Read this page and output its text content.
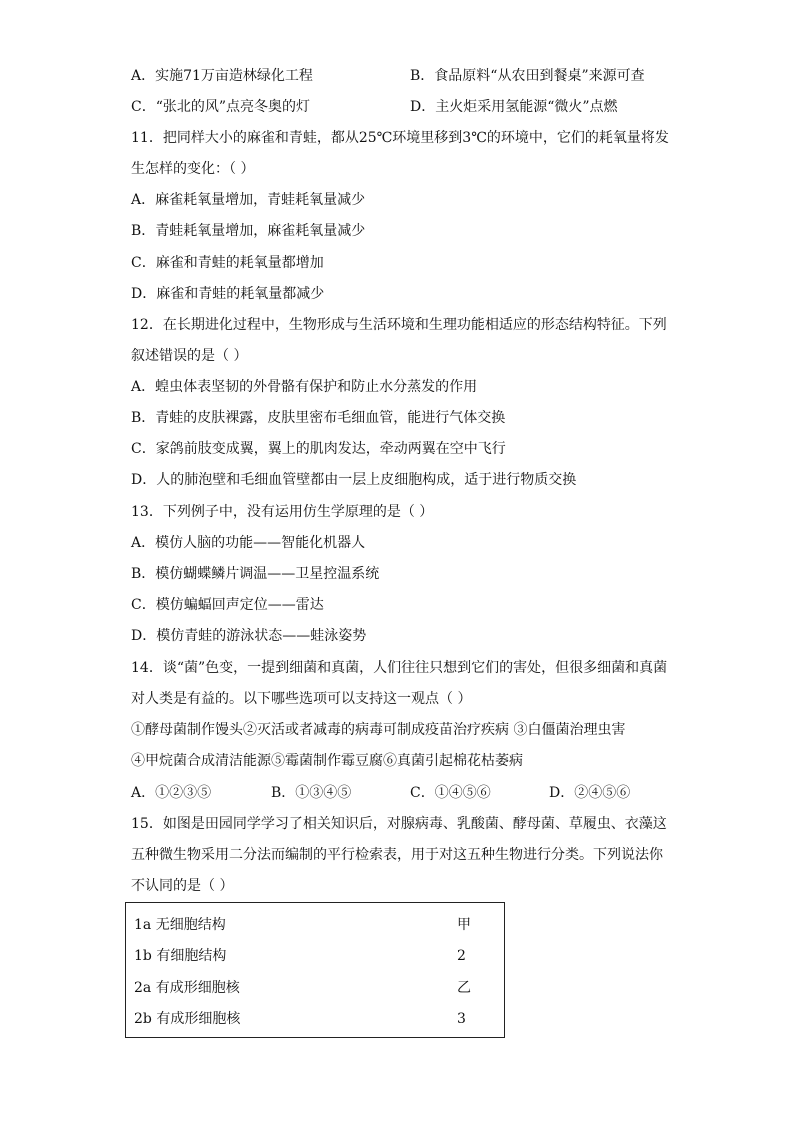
A．实施71万亩造林绿化工程	B．食品原料“从农田到餐桌”来源可查
C．“张北的风”点亮冬奥的灯	D．主火炬采用氢能源“微火”点燃
11．把同样大小的麻雀和青蛙，都从25℃环境里移到3℃的环境中，它们的耗氧量将发
生怎样的变化：（ ）
A．麻雀耗氧量增加，青蛙耗氧量减少
B．青蛙耗氧量增加，麻雀耗氧量减少
C．麻雀和青蛙的耗氧量都增加
D．麻雀和青蛙的耗氧量都减少
12．在长期进化过程中，生物形成与生活环境和生理功能相适应的形态结构特征。下列
叙述错误的是（ ）
A．蝗虫体表坚韧的外骨骼有保护和防止水分蒸发的作用
B．青蛙的皮肤裸露，皮肤里密布毛细血管，能进行气体交换
C．家鸽前肢变成翼，翼上的肌肉发达，牵动两翼在空中飞行
D．人的肺泡壁和毛细血管壁都由一层上皮细胞构成，适于进行物质交换
13．下列例子中，没有运用仿生学原理的是（ ）
A．模仿人脑的功能——智能化机器人
B．模仿蝴蝶鳞片调温——卫星控温系统
C．模仿蝙蝠回声定位——雷达
D．模仿青蛙的游泳状态——蛙泳姿势
14．谈“菌”色变，一提到细菌和真菌，人们往往只想到它们的害处，但很多细菌和真菌
对人类是有益的。以下哪些选项可以支持这一观点（ ）
①酵母菌制作馒头②灭活或者减毒的病毒可制成疫苗治疗疾病 ③白僵菌治理虫害
④甲烷菌合成清洁能源⑤霉菌制作霉豆腐⑥真菌引起棉花枯萎病
A．①②③⑤	B．①③④⑤	C．①④⑤⑥	D．②④⑤⑥
15．如图是田园同学学习了相关知识后，对腺病毒、乳酸菌、酵母菌、草履虫、衣藻这
五种微生物采用二分法而编制的平行检索表，用于对这五种生物进行分类。下列说法你
不认同的是（ ）
1a 无细胞结构	甲
1b 有细胞结构	2
2a 有成形细胞核	乙
2b 有成形细胞核	3
